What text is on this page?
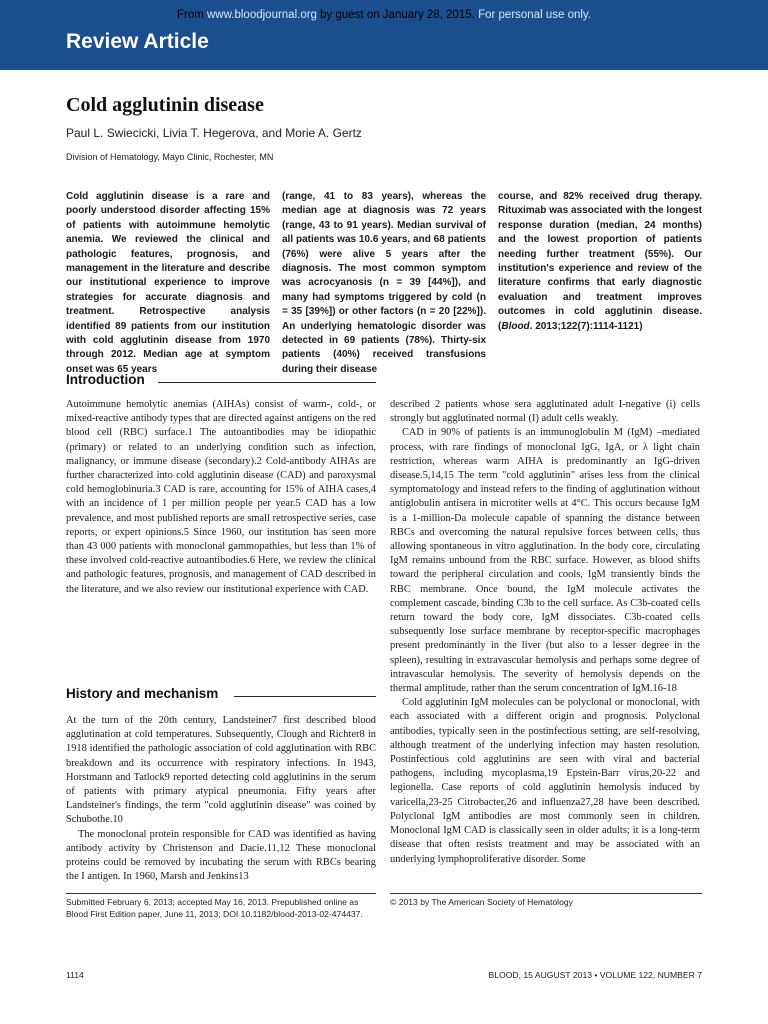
From www.bloodjournal.org by guest on January 28, 2015. For personal use only.
Review Article
Cold agglutinin disease
Paul L. Swiecicki, Livia T. Hegerova, and Morie A. Gertz
Division of Hematology, Mayo Clinic, Rochester, MN
Cold agglutinin disease is a rare and poorly understood disorder affecting 15% of patients with autoimmune hemolytic anemia. We reviewed the clinical and pathologic features, prognosis, and management in the literature and describe our institutional experience to improve strategies for accurate diagnosis and treatment. Retrospective analysis identified 89 patients from our institution with cold agglutinin disease from 1970 through 2012. Median age at symptom onset was 65 years
(range, 41 to 83 years), whereas the median age at diagnosis was 72 years (range, 43 to 91 years). Median survival of all patients was 10.6 years, and 68 patients (76%) were alive 5 years after the diagnosis. The most common symptom was acrocyanosis (n = 39 [44%]), and many had symptoms triggered by cold (n = 35 [39%]) or other factors (n = 20 [22%]). An underlying hematologic disorder was detected in 69 patients (78%). Thirty-six patients (40%) received transfusions during their disease
course, and 82% received drug therapy. Rituximab was associated with the longest response duration (median, 24 months) and the lowest proportion of patients needing further treatment (55%). Our institution's experience and review of the literature confirms that early diagnostic evaluation and treatment improves outcomes in cold agglutinin disease. (Blood. 2013;122(7):1114-1121)
Introduction

Autoimmune hemolytic anemias (AIHAs) consist of warm-, cold-, or mixed-reactive antibody types that are directed against antigens on the red blood cell (RBC) surface.1 The autoantibodies may be idiopathic (primary) or related to an underlying condition such as infection, malignancy, or immune disease (secondary).2 Cold-antibody AIHAs are further characterized into cold agglutinin disease (CAD) and paroxysmal cold hemoglobinuria.3 CAD is rare, accounting for 15% of AIHA cases,4 with an incidence of 1 per million people per year.5 CAD has a low prevalence, and most published reports are small retrospective series, case reports, or expert opinions.5 Since 1960, our institution has seen more than 43 000 patients with monoclonal gammopathies, but less than 1% of these involved cold-reactive autoantibodies.6 Here, we review the clinical and pathologic features, prognosis, and management of CAD described in the literature, and we also review our institutional experience with CAD.

History and mechanism

At the turn of the 20th century, Landsteiner7 first described blood agglutination at cold temperatures. Subsequently, Clough and Richter8 in 1918 identified the pathologic association of cold agglutination with RBC breakdown and its occurrence with respiratory infections. In 1943, Horstmann and Tatlock9 reported detecting cold agglutinins in the serum of patients with primary atypical pneumonia. Fifty years after Landsteiner's findings, the term "cold agglutinin disease" was coined by Schubothe.10

The monoclonal protein responsible for CAD was identified as having antibody activity by Christenson and Dacie.11,12 These monoclonal proteins could be removed by incubating the serum with RBCs bearing the I antigen. In 1960, Marsh and Jenkins13

described 2 patients whose sera agglutinated adult I-negative (i) cells strongly but agglutinated normal (I) adult cells weakly.

CAD in 90% of patients is an immunoglobulin M (IgM) –mediated process, with rare findings of monoclonal IgG, IgA, or λ light chain restriction, whereas warm AIHA is predominantly an IgG-driven disease.5,14,15 The term "cold agglutinin" arises less from the clinical symptomatology and instead refers to the finding of agglutination without antiglobulin antisera in microtiter wells at 4°C. This occurs because IgM is a 1-million-Da molecule capable of spanning the distance between RBCs and overcoming the natural repulsive forces between cells, thus allowing spontaneous in vitro agglutination. In the body core, circulating IgM remains unbound from the RBC surface. However, as blood shifts toward the peripheral circulation and cools, IgM transiently binds the RBC membrane. Once bound, the IgM molecule activates the complement cascade, binding C3b to the cell surface. As C3b-coated cells return toward the body core, IgM dissociates. C3b-coated cells subsequently lose surface membrane by receptor-specific macrophages present predominantly in the liver (but also to a lesser degree in the spleen), resulting in extravascular hemolysis and perhaps some degree of intravascular hemolysis. The severity of hemolysis depends on the thermal amplitude, rather than the serum concentration of IgM.16-18

Cold agglutinin IgM molecules can be polyclonal or monoclonal, with each associated with a different origin and prognosis. Polyclonal antibodies, typically seen in the postinfectious setting, are self-resolving, although treatment of the underlying infection may hasten resolution. Postinfectious cold agglutinins are seen with viral and bacterial pathogens, including mycoplasma,19 Epstein-Barr virus,20-22 and legionella. Case reports of cold agglutinin hemolysis induced by varicella,23-25 Citrobacter,26 and influenza27,28 have been described. Polyclonal IgM antibodies are most commonly seen in children. Monoclonal IgM CAD is classically seen in older adults; it is a long-term disease that often resists treatment and may be associated with an underlying lymphoproliferative disorder. Some

Submitted February 6, 2013; accepted May 16, 2013. Prepublished online as Blood First Edition paper, June 11, 2013; DOI 10.1182/blood-2013-02-474437.
© 2013 by The American Society of Hematology
1114	BLOOD, 15 AUGUST 2013 • VOLUME 122, NUMBER 7
